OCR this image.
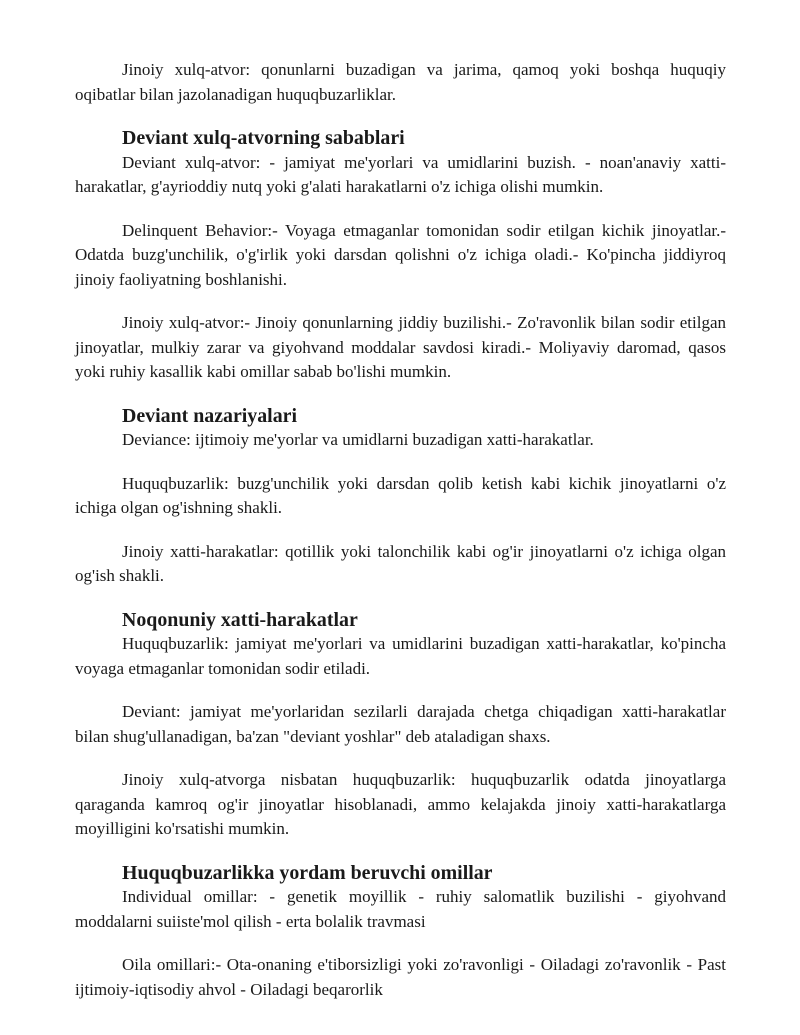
Jinoiy xulq-atvor: qonunlarni buzadigan va jarima, qamoq yoki boshqa huquqiy oqibatlar bilan jazolanadigan huquqbuzarliklar.

Deviant xulq-atvorning sabablari

Deviant xulq-atvor: - jamiyat me'yorlari va umidlarini buzish. - noan'anaviy xatti-harakatlar, g'ayrioddiy nutq yoki g'alati harakatlarni o'z ichiga olishi mumkin.

Delinquent Behavior:- Voyaga etmaganlar tomonidan sodir etilgan kichik jinoyatlar.- Odatda buzg'unchilik, o'g'irlik yoki darsdan qolishni o'z ichiga oladi.- Ko'pincha jiddiyroq jinoiy faoliyatning boshlanishi.

Jinoiy xulq-atvor:- Jinoiy qonunlarning jiddiy buzilishi.- Zo'ravonlik bilan sodir etilgan jinoyatlar, mulkiy zarar va giyohvand moddalar savdosi kiradi.- Moliyaviy daromad, qasos yoki ruhiy kasallik kabi omillar sabab bo'lishi mumkin.

Deviant nazariyalari

Deviance: ijtimoiy me'yorlar va umidlarni buzadigan xatti-harakatlar.

Huquqbuzarlik: buzg'unchilik yoki darsdan qolib ketish kabi kichik jinoyatlarni o'z ichiga olgan og'ishning shakli.

Jinoiy xatti-harakatlar: qotillik yoki talonchilik kabi og'ir jinoyatlarni o'z ichiga olgan og'ish shakli.

Noqonuniy xatti-harakatlar

Huquqbuzarlik: jamiyat me'yorlari va umidlarini buzadigan xatti-harakatlar, ko'pincha voyaga etmaganlar tomonidan sodir etiladi.

Deviant: jamiyat me'yorlaridan sezilarli darajada chetga chiqadigan xatti-harakatlar bilan shug'ullanadigan, ba'zan "deviant yoshlar" deb ataladigan shaxs.

Jinoiy xulq-atvorga nisbatan huquqbuzarlik: huquqbuzarlik odatda jinoyatlarga qaraganda kamroq og'ir jinoyatlar hisoblanadi, ammo kelajakda jinoiy xatti-harakatlarga moyilligini ko'rsatishi mumkin.

Huquqbuzarlikka yordam beruvchi omillar

Individual omillar: - genetik moyillik - ruhiy salomatlik buzilishi - giyohvand moddalarni suiiste'mol qilish - erta bolalik travmasi

Oila omillari:- Ota-onaning e'tiborsizligi yoki zo'ravonligi - Oiladagi zo'ravonlik - Past ijtimoiy-iqtisodiy ahvol - Oiladagi beqarorlik
